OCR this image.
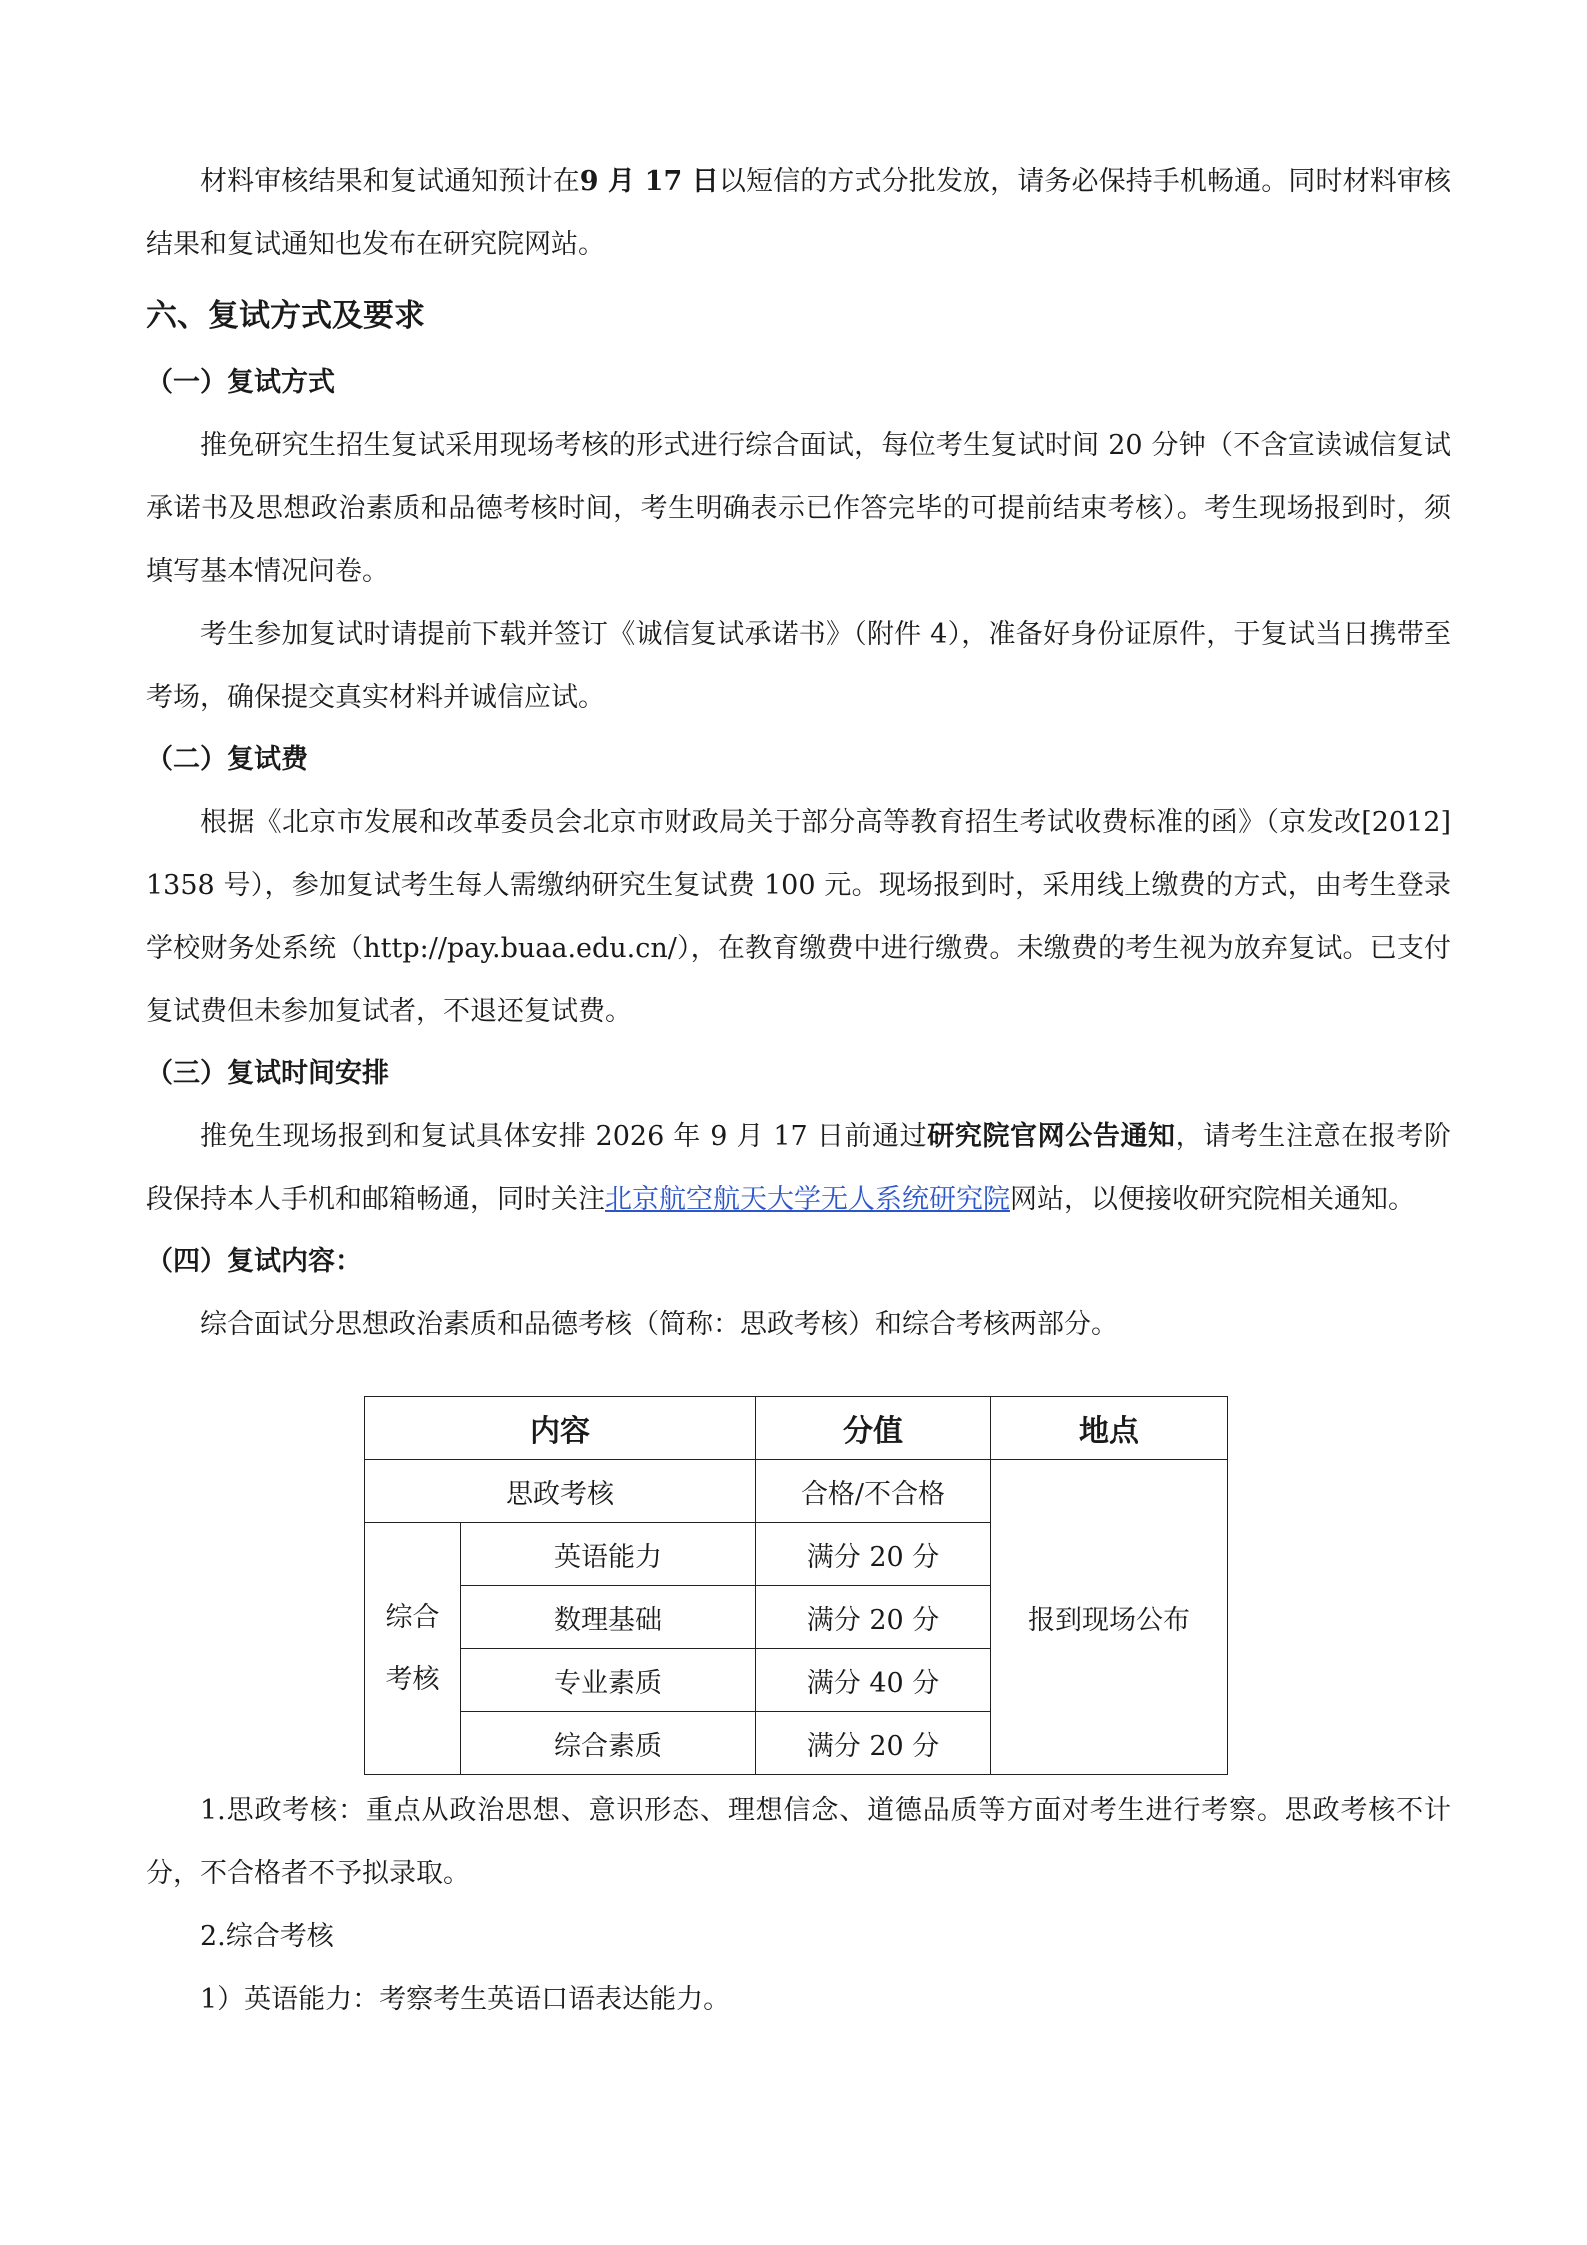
材料审核结果和复试通知预计在9 月 17 日以短信的方式分批发放，请务必保持手机畅通。同时材料审核结果和复试通知也发布在研究院网站。

六、复试方式及要求
（一）复试方式

推免研究生招生复试采用现场考核的形式进行综合面试，每位考生复试时间 20 分钟（不含宣读诚信复试承诺书及思想政治素质和品德考核时间，考生明确表示已作答完毕的可提前结束考核）。考生现场报到时，须填写基本情况问卷。

考生参加复试时请提前下载并签订《诚信复试承诺书》（附件 4），准备好身份证原件，于复试当日携带至考场，确保提交真实材料并诚信应试。

（二）复试费

根据《北京市发展和改革委员会北京市财政局关于部分高等教育招生考试收费标准的函》（京发改[2012]1358 号），参加复试考生每人需缴纳研究生复试费 100 元。现场报到时，采用线上缴费的方式，由考生登录学校财务处系统（http://pay.buaa.edu.cn/），在教育缴费中进行缴费。未缴费的考生视为放弃复试。已支付复试费但未参加复试者，不退还复试费。

（三）复试时间安排

推免生现场报到和复试具体安排 2026 年 9 月 17 日前通过研究院官网公告通知，请考生注意在报考阶段保持本人手机和邮箱畅通，同时关注北京航空航天大学无人系统研究院网站，以便接收研究院相关通知。

（四）复试内容：

综合面试分思想政治素质和品德考核（简称：思政考核）和综合考核两部分。

内容		分值	地点
思政考核		合格/不合格	报到现场公布
综合
考核	英语能力	满分 20 分	
	数理基础	满分 20 分	
	专业素质	满分 40 分	
	综合素质	满分 20 分	

1.思政考核：重点从政治思想、意识形态、理想信念、道德品质等方面对考生进行考察。思政考核不计分，不合格者不予拟录取。

2.综合考核

1）英语能力：考察考生英语口语表达能力。
